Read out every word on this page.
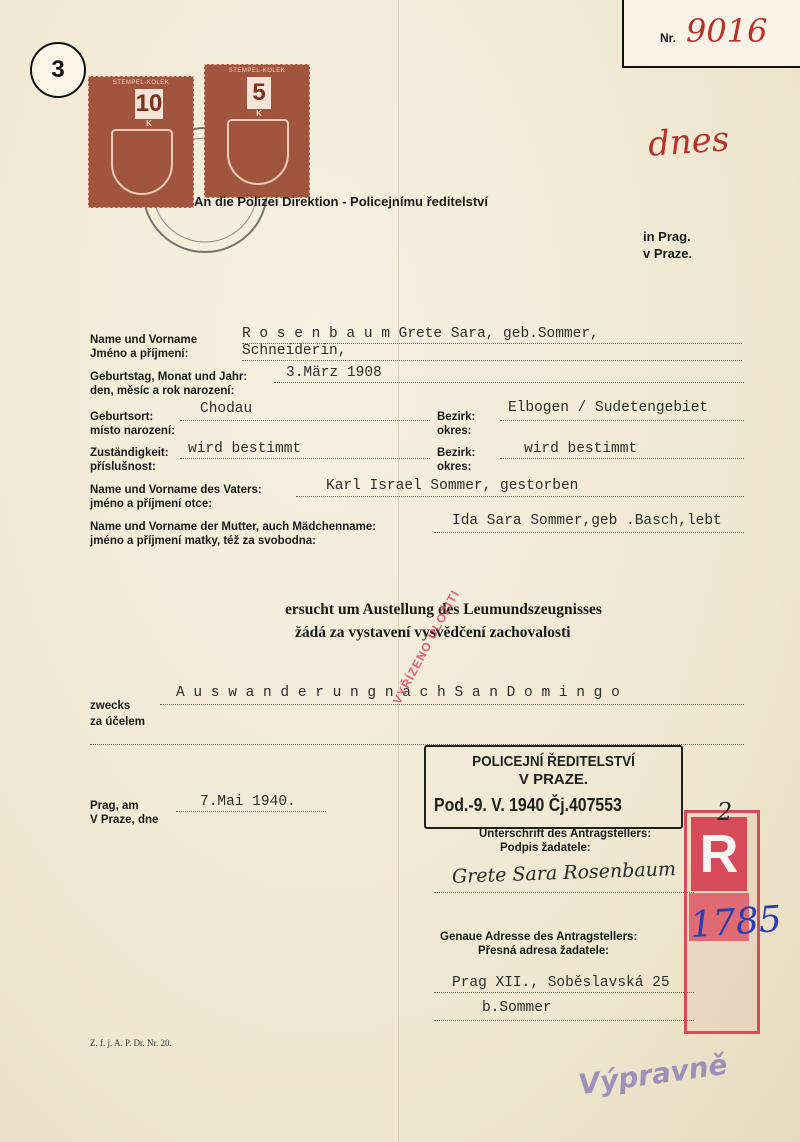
3
Nr. 9016
STEMPEL-KOLEK
10
K
STEMPEL-KOLEK
5
K
dnes
An die Polizei Direktion - Policejnímu ředitelství
in Prag.
v Praze.
Name und Vorname
Jméno a příjmení:
R o s e n b a u m Grete Sara, geb.Sommer,
Schneiderin,
Geburtstag, Monat und Jahr:
den, měsíc a rok narození:
3.März 1908
Geburtsort:
místo narození:
Chodau	Bezirk:
okres:
Elbogen / Sudetengebiet
Zuständigkeit:
příslušnost:
wird bestimmt	Bezirk:
okres:
wird bestimmt
Name und Vorname des Vaters:
jméno a příjmení otce:
Karl Israel Sommer, gestorben
Name und Vorname der Mutter, auch Mädchenname:
jméno a příjmení matky, též za svobodna:
Ida Sara Sommer,geb .Basch,lebt
ersucht um Austellung des Leumundszeugnisses
žádá za vystavení vysvědčení zachovalosti
A u s w a n d e r u n g n a c h S a n D o m i n g o
zwecks
za účelem
VYŘÍZENO ULOŽITI
POLICEJNÍ ŘEDITELSTVÍ
V PRAZE.
Pod.-9. V. 1940 Čj.407553
Prag, am
V Praze, dne
7.Mai 1940.
Unterschrift des Antragstellers:
Podpis žadatele:
Grete Sara Rosenbaum
Genaue Adresse des Antragstellers:
Přesná adresa žadatele:
Prag XII., Soběslavská 25
b.Sommer
R
2
1785
Z. f. j. A. P. Dr. Nr. 20.
Výpravně
